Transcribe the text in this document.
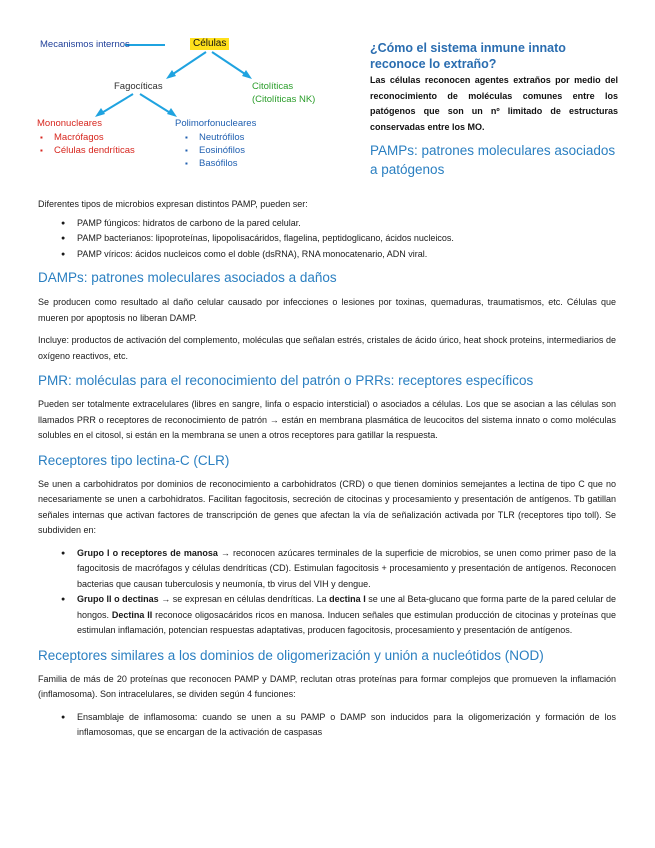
Mecanismos internos	Células
Fagocíticas	Citolíticas
(Citolíticas NK)
Mononucleares
▪ Macrófagos
▪ Células dendríticas
Polimorfonucleares
▪ Neutrófilos
▪ Eosinófilos
▪ Basófilos
¿Cómo el sistema inmune innato reconoce lo extraño?
Las células reconocen agentes extraños por medio del reconocimiento de moléculas comunes entre los patógenos que son un nº limitado de estructuras conservadas entre los MO.
PAMPs: patrones moleculares asociados a patógenos
Diferentes tipos de microbios expresan distintos PAMP, pueden ser:
● PAMP fúngicos: hidratos de carbono de la pared celular.
● PAMP bacterianos: lipoproteínas, lipopolisacáridos, flagelina, peptidoglicano, ácidos nucleicos.
● PAMP víricos: ácidos nucleicos como el doble (dsRNA), RNA monocatenario, ADN viral.
DAMPs: patrones moleculares asociados a daños
Se producen como resultado al daño celular causado por infecciones o lesiones por toxinas, quemaduras, traumatismos, etc. Células que mueren por apoptosis no liberan DAMP.
Incluye: productos de activación del complemento, moléculas que señalan estrés, cristales de ácido úrico, heat shock proteins, intermediarios de oxígeno reactivos, etc.
PMR: moléculas para el reconocimiento del patrón o PRRs: receptores específicos
Pueden ser totalmente extracelulares (libres en sangre, linfa o espacio intersticial) o asociados a células. Los que se asocian a las células son llamados PRR o receptores de reconocimiento de patrón → están en membrana plasmática de leucocitos del sistema innato o como moléculas solubles en el citosol, si están en la membrana se unen a otros receptores para gatillar la respuesta.
Receptores tipo lectina-C (CLR)
Se unen a carbohidratos por dominios de reconocimiento a carbohidratos (CRD) o que tienen dominios semejantes a lectina de tipo C que no necesariamente se unen a carbohidratos. Facilitan fagocitosis, secreción de citocinas y procesamiento y presentación de antígenos. Tb gatillan señales internas que activan factores de transcripción de genes que afectan la vía de señalización activada por TLR (receptores tipo toll). Se subdividen en:
● Grupo I o receptores de manosa → reconocen azúcares terminales de la superficie de microbios, se unen como primer paso de la fagocitosis de macrófagos y células dendríticas (CD). Estimulan fagocitosis + procesamiento y presentación de antígenos. Reconocen bacterias que causan tuberculosis y neumonía, tb virus del VIH y dengue.
● Grupo II o dectinas → se expresan en células dendríticas. La dectina I se une al Beta-glucano que forma parte de la pared celular de hongos. Dectina II reconoce oligosacáridos ricos en manosa. Inducen señales que estimulan producción de citocinas y proteínas que estimulan inflamación, potencian respuestas adaptativas, producen fagocitosis, procesamiento y presentación de antígenos.
Receptores similares a los dominios de oligomerización y unión a nucleótidos (NOD)
Familia de más de 20 proteínas que reconocen PAMP y DAMP, reclutan otras proteínas para formar complejos que promueven la inflamación (inflamosoma). Son intracelulares, se dividen según 4 funciones:
● Ensamblaje de inflamosoma: cuando se unen a su PAMP o DAMP son inducidos para la oligomerización y formación de los inflamosomas, que se encargan de la activación de caspasas
